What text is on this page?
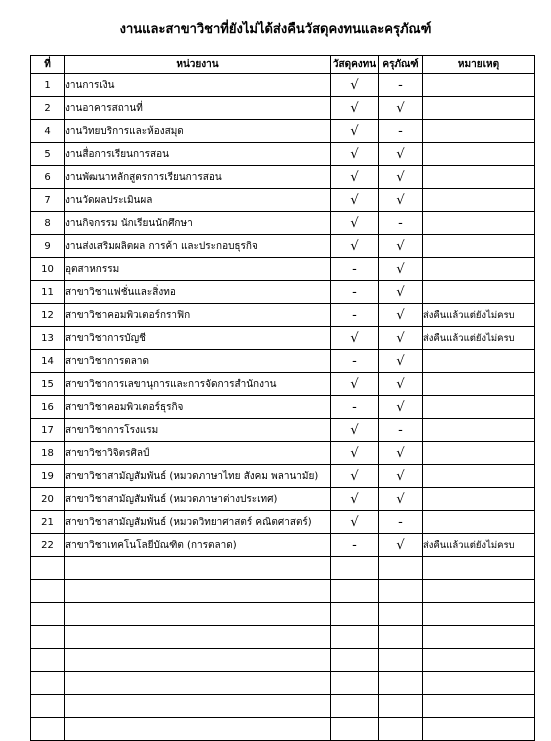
งานและสาขาวิชาที่ยังไม่ได้ส่งคืนวัสดุคงทนและครุภัณฑ์
ที่	หน่วยงาน	วัสดุคงทน	ครุภัณฑ์	หมายเหตุ
1	งานการเงิน	√	-	
2	งานอาคารสถานที่	√	√	
4	งานวิทยบริการและห้องสมุด	√	-	
5	งานสื่อการเรียนการสอน	√	√	
6	งานพัฒนาหลักสูตรการเรียนการสอน	√	√	
7	งานวัดผลประเมินผล	√	√	
8	งานกิจกรรม นักเรียนนักศึกษา	√	-	
9	งานส่งเสริมผลิตผล การค้า และประกอบธุรกิจ	√	√	
10	อุตสาหกรรม	-	√	
11	สาขาวิชาแฟชั่นและสิ่งทอ	-	√	
12	สาขาวิชาคอมพิวเตอร์กราฟิก	-	√	ส่งคืนแล้วแต่ยังไม่ครบ
13	สาขาวิชาการบัญชี	√	√	ส่งคืนแล้วแต่ยังไม่ครบ
14	สาขาวิชาการตลาด	-	√	
15	สาขาวิชาการเลขานุการและการจัดการสำนักงาน	√	√	
16	สาขาวิชาคอมพิวเตอร์ธุรกิจ	-	√	
17	สาขาวิชาการโรงแรม	√	-	
18	สาขาวิชาวิจิตรศิลป์	√	√	
19	สาขาวิชาสามัญสัมพันธ์ (หมวดภาษาไทย สังคม พลานามัย)	√	√	
20	สาขาวิชาสามัญสัมพันธ์ (หมวดภาษาต่างประเทศ)	√	√	
21	สาขาวิชาสามัญสัมพันธ์ (หมวดวิทยาศาสตร์ คณิตศาสตร์)	√	-	
22	สาขาวิชาเทคโนโลยีบัณฑิต (การตลาด)	-	√	ส่งคืนแล้วแต่ยังไม่ครบ
